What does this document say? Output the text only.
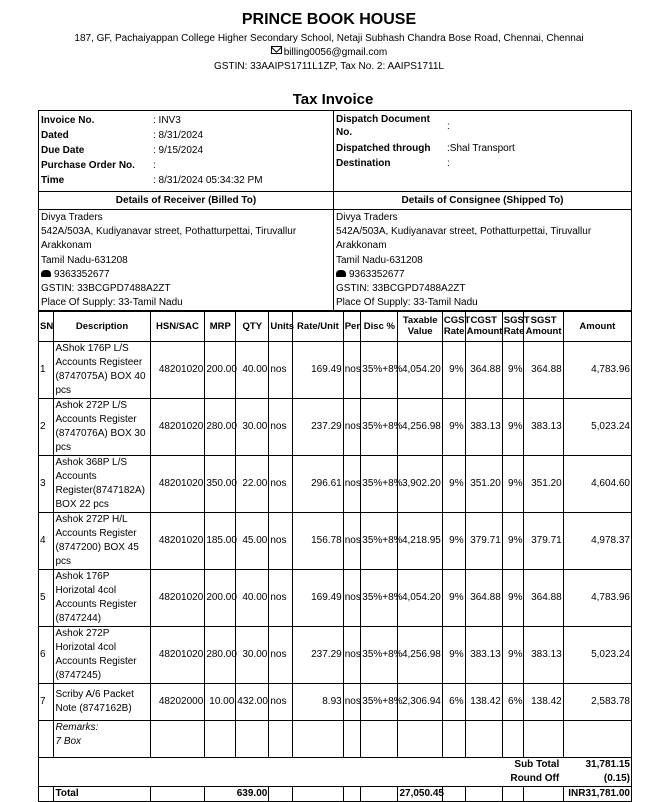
PRINCE BOOK HOUSE
187, GF, Pachaiyappan College Higher Secondary School, Netaji Subhash Chandra Bose Road, Chennai, Chennai
billing0056@gmail.com
GSTIN: 33AAIPS1711L1ZP, Tax No. 2: AAIPS1711L
Tax Invoice
Invoice No.	: INV3
Dated	: 8/31/2024
Due Date	: 9/15/2024
Purchase Order No.	:
Time	: 8/31/2024 05:34:32 PM
Dispatch Document
No.
:
Dispatched through	:Shal Transport
Destination	:
Details of Receiver (Billed To)	Details of Consignee (Shipped To)
Divya Traders
542A/503A, Kudiyanavar street, Pothatturpettai, Tiruvallur
Arakkonam
Tamil Nadu-631208
9363352677
GSTIN: 33BCGPD7488A2ZT
Place Of Supply: 33-Tamil Nadu
Divya Traders
542A/503A, Kudiyanavar street, Pothatturpettai, Tiruvallur
Arakkonam
Tamil Nadu-631208
9363352677
GSTIN: 33BCGPD7488A2ZT
Place Of Supply: 33-Tamil Nadu
SN	Description	HSN/SAC	MRP	QTY	Units	Rate/Unit	Per	Disc %	Taxable
Value	CGST
Rate	CGST
Amount	SGST
Rate	SGST
Amount	Amount
1	AShok 176P L/S
Accounts Registeer
(8747075A) BOX 40
pcs	48201020	200.00	40.00	nos	169.49	nos	35%+8%	4,054.20	9%	364.88	9%	364.88	4,783.96
2	Ashok 272P L/S
Accounts Register
(8747076A) BOX 30
pcs	48201020	280.00	30.00	nos	237.29	nos	35%+8%	4,256.98	9%	383.13	9%	383.13	5,023.24
3	Ashok 368P L/S
Accounts
Register(8747182A)
BOX 22 pcs	48201020	350.00	22.00	nos	296.61	nos	35%+8%	3,902.20	9%	351.20	9%	351.20	4,604.60
4	Ashok 272P H/L
Accounts Register
(8747200) BOX 45
pcs	48201020	185.00	45.00	nos	156.78	nos	35%+8%	4,218.95	9%	379.71	9%	379.71	4,978.37
5	Ashok 176P
Horizotal 4col
Accounts Register
(8747244)	48201020	200.00	40.00	nos	169.49	nos	35%+8%	4,054.20	9%	364.88	9%	364.88	4,783.96
6	Ashok 272P
Horizotal 4col
Accounts Register
(8747245)	48201020	280.00	30.00	nos	237.29	nos	35%+8%	4,256.98	9%	383.13	9%	383.13	5,023.24
7	Scriby A/6 Packet
Note (8747162B)	48202000	10.00	432.00	nos	8.93	nos	35%+8%	2,306.94	6%	138.42	6%	138.42	2,583.78

	Remarks:
7 Box													

Sub Total														31,781.15
Round Off														(0.15)
	Total		639.00						27,050.45					INR31,781.00
